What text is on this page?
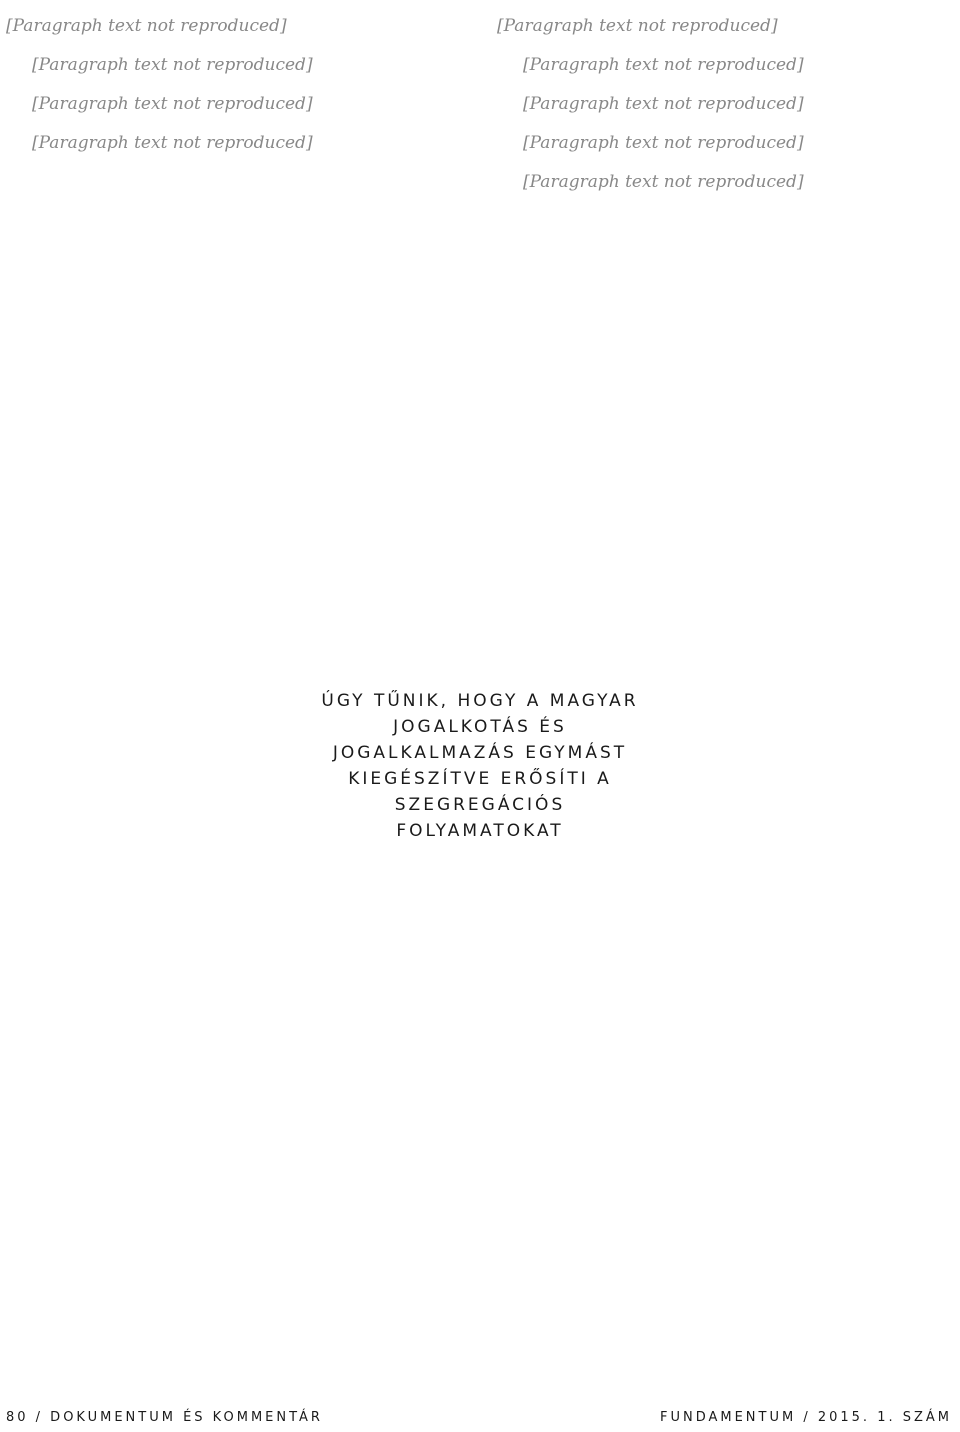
[Paragraph text not reproduced]

[Paragraph text not reproduced]

[Paragraph text not reproduced]

[Paragraph text not reproduced]

[Paragraph text not reproduced]

[Paragraph text not reproduced]

[Paragraph text not reproduced]

[Paragraph text not reproduced]

[Paragraph text not reproduced]

ÚGY TŰNIK, HOGY A MAGYAR JOGALKOTÁS ÉS JOGALKALMAZÁS EGYMÁST KIEGÉSZÍTVE ERŐSÍTI A SZEGREGÁCIÓS FOLYAMATOKAT
80 / DOKUMENTUM ÉS KOMMENTÁR	FUNDAMENTUM / 2015. 1. SZÁM
